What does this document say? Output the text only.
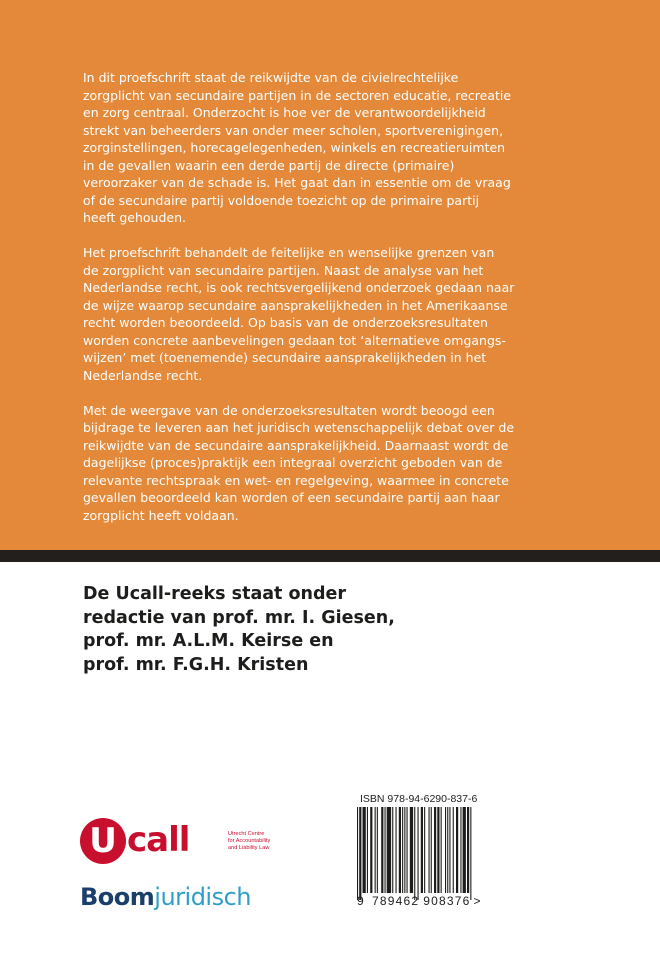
In dit proefschrift staat de reikwijdte van de civielrechtelijke
zorgplicht van secundaire partijen in de sectoren educatie, recreatie
en zorg centraal. Onderzocht is hoe ver de verantwoordelijkheid
strekt van beheerders van onder meer scholen, sportverenigingen,
zorginstellingen, horecagelegenheden, winkels en recreatieruimten
in de gevallen waarin een derde partij de directe (primaire)
veroorzaker van de schade is. Het gaat dan in essentie om de vraag
of de secundaire partij voldoende toezicht op de primaire partij
heeft gehouden.

Het proefschrift behandelt de feitelijke en wenselijke grenzen van
de zorgplicht van secundaire partijen. Naast de analyse van het
Nederlandse recht, is ook rechtsvergelijkend onderzoek gedaan naar
de wijze waarop secundaire aansprakelijkheden in het Amerikaanse
recht worden beoordeeld. Op basis van de onderzoeksresultaten
worden concrete aanbevelingen gedaan tot ‘alternatieve omgangs-
wijzen’ met (toenemende) secundaire aansprakelijkheden in het
Nederlandse recht.

Met de weergave van de onderzoeksresultaten wordt beoogd een
bijdrage te leveren aan het juridisch wetenschappelijk debat over de
reikwijdte van de secundaire aansprakelijkheid. Daarnaast wordt de
dagelijkse (proces)praktijk een integraal overzicht geboden van de
relevante rechtspraak en wet- en regelgeving, waarmee in concrete
gevallen beoordeeld kan worden of een secundaire partij aan haar
zorgplicht heeft voldaan.

De Ucall-reeks staat onder
redactie van prof. mr. I. Giesen,
prof. mr. A.L.M. Keirse en
prof. mr. F.G.H. Kristen
U call	Utrecht Centre
for Accountability
and Liability Law
Boomjuridisch
ISBN 978-94-6290-837-6
9 789462 908376 >
